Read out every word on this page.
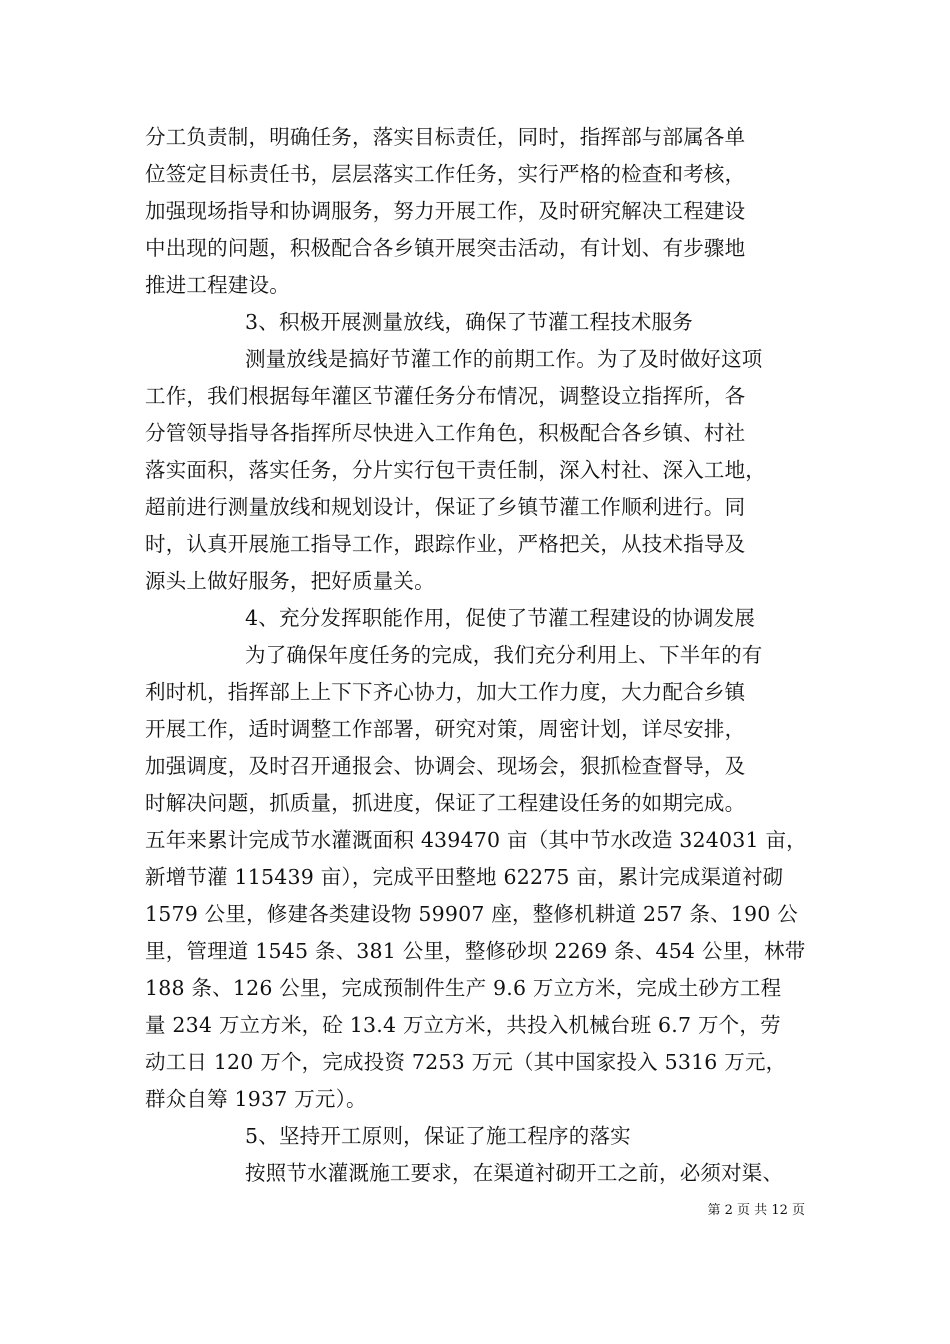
分工负责制，明确任务，落实目标责任，同时，指挥部与部属各单
位签定目标责任书，层层落实工作任务，实行严格的检查和考核，
加强现场指导和协调服务，努力开展工作，及时研究解决工程建设
中出现的问题，积极配合各乡镇开展突击活动，有计划、有步骤地
推进工程建设。
3、积极开展测量放线，确保了节灌工程技术服务
测量放线是搞好节灌工作的前期工作。为了及时做好这项
工作，我们根据每年灌区节灌任务分布情况，调整设立指挥所，各
分管领导指导各指挥所尽快进入工作角色，积极配合各乡镇、村社
落实面积，落实任务，分片实行包干责任制，深入村社、深入工地，
超前进行测量放线和规划设计，保证了乡镇节灌工作顺利进行。同
时，认真开展施工指导工作，跟踪作业，严格把关，从技术指导及
源头上做好服务，把好质量关。
4、充分发挥职能作用，促使了节灌工程建设的协调发展
为了确保年度任务的完成，我们充分利用上、下半年的有
利时机，指挥部上上下下齐心协力，加大工作力度，大力配合乡镇
开展工作，适时调整工作部署，研究对策，周密计划，详尽安排，
加强调度，及时召开通报会、协调会、现场会，狠抓检查督导，及
时解决问题，抓质量，抓进度，保证了工程建设任务的如期完成。
五年来累计完成节水灌溉面积 439470 亩（其中节水改造 324031 亩，
新增节灌 115439 亩），完成平田整地 62275 亩，累计完成渠道衬砌
1579 公里，修建各类建设物 59907 座，整修机耕道 257 条、190 公
里，管理道 1545 条、381 公里，整修砂坝 2269 条、454 公里，林带
188 条、126 公里，完成预制件生产 9.6 万立方米，完成土砂方工程
量 234 万立方米，砼 13.4 万立方米，共投入机械台班 6.7 万个，劳
动工日 120 万个，完成投资 7253 万元（其中国家投入 5316 万元，
群众自筹 1937 万元）。
5、坚持开工原则，保证了施工程序的落实
按照节水灌溉施工要求，在渠道衬砌开工之前，必须对渠、
第 2 页 共 12 页
